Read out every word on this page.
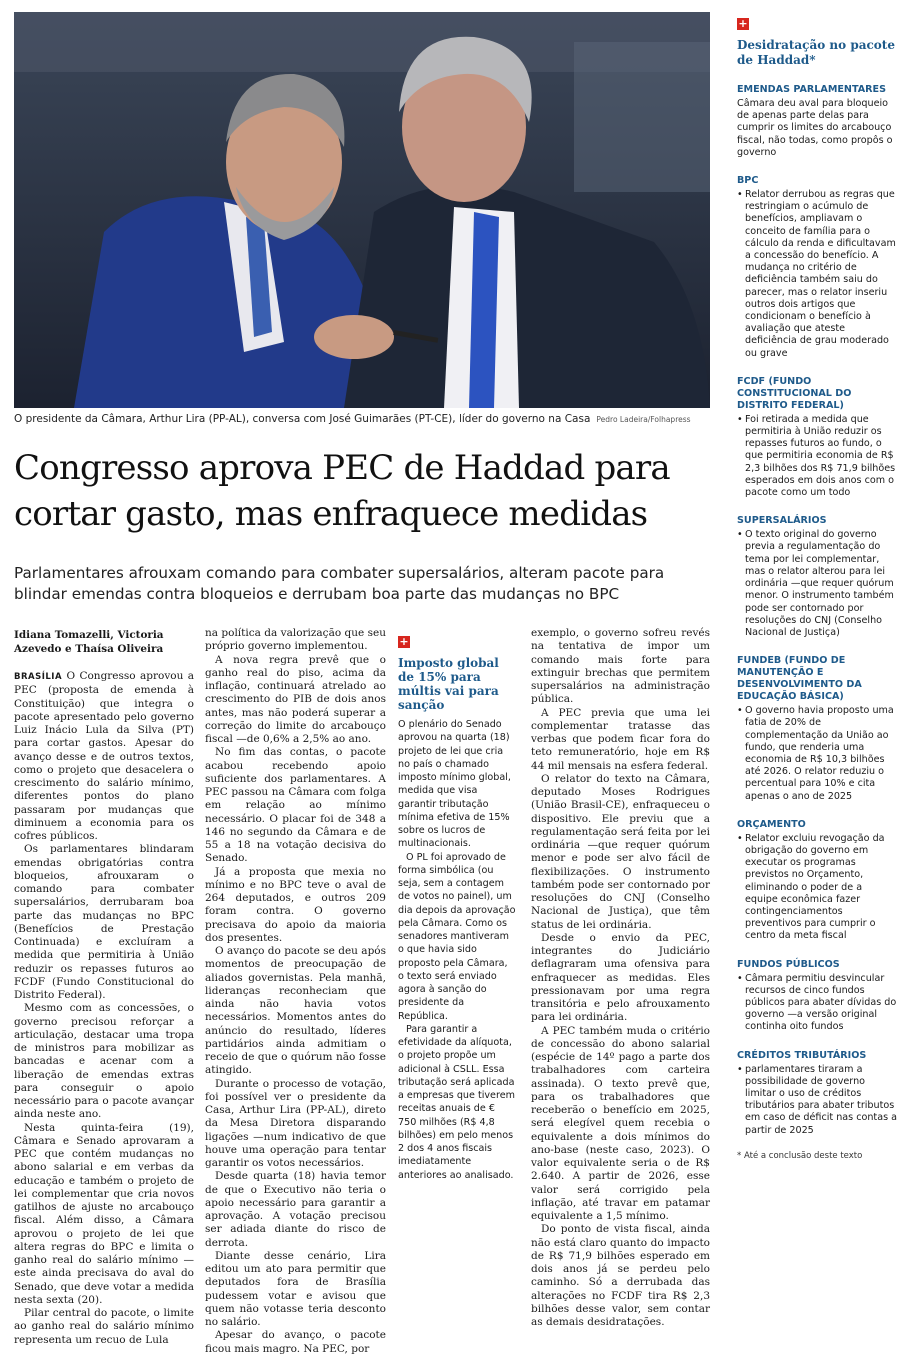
O presidente da Câmara, Arthur Lira (PP-AL), conversa com José Guimarães (PT-CE), líder do governo na Casa Pedro Ladeira/Folhapress
Congresso aprova PEC de Haddad para cortar gasto, mas enfraquece medidas
Parlamentares afrouxam comando para combater supersalários, alteram pacote para blindar emendas contra bloqueios e derrubam boa parte das mudanças no BPC
Idiana Tomazelli, Victoria Azevedo e Thaísa Oliveira

BRASÍLIA O Congresso aprovou a PEC (proposta de emenda à Constituição) que integra o pacote apresentado pelo governo Luiz Inácio Lula da Silva (PT) para cortar gastos. Apesar do avanço desse e de outros textos, como o projeto que desacelera o crescimento do salário mínimo, diferentes pontos do plano passaram por mudanças que diminuem a economia para os cofres públicos.

Os parlamentares blindaram emendas obrigatórias contra bloqueios, afrouxaram o comando para combater supersalários, derrubaram boa parte das mudanças no BPC (Benefícios de Prestação Continuada) e excluíram a medida que permitiria à União reduzir os repasses futuros ao FCDF (Fundo Constitucional do Distrito Federal).

Mesmo com as concessões, o governo precisou reforçar a articulação, destacar uma tropa de ministros para mobilizar as bancadas e acenar com a liberação de emendas extras para conseguir o apoio necessário para o pacote avançar ainda neste ano.

Nesta quinta-feira (19), Câmara e Senado aprovaram a PEC que contém mudanças no abono salarial e em verbas da educação e também o projeto de lei complementar que cria novos gatilhos de ajuste no arcabouço fiscal. Além disso, a Câmara aprovou o projeto de lei que altera regras do BPC e limita o ganho real do salário mínimo —este ainda precisava do aval do Senado, que deve votar a medida nesta sexta (20).

Pilar central do pacote, o limite ao ganho real do salário mínimo representa um recuo de Lula

na política da valorização que seu próprio governo implementou.

A nova regra prevê que o ganho real do piso, acima da inflação, continuará atrelado ao crescimento do PIB de dois anos antes, mas não poderá superar a correção do limite do arcabouço fiscal —de 0,6% a 2,5% ao ano.

No fim das contas, o pacote acabou recebendo apoio suficiente dos parlamentares. A PEC passou na Câmara com folga em relação ao mínimo necessário. O placar foi de 348 a 146 no segundo da Câmara e de 55 a 18 na votação decisiva do Senado.

Já a proposta que mexia no mínimo e no BPC teve o aval de 264 deputados, e outros 209 foram contra. O governo precisava do apoio da maioria dos presentes.

O avanço do pacote se deu após momentos de preocupação de aliados governistas. Pela manhã, lideranças reconheciam que ainda não havia votos necessários. Momentos antes do anúncio do resultado, líderes partidários ainda admitiam o receio de que o quórum não fosse atingido.

Durante o processo de votação, foi possível ver o presidente da Casa, Arthur Lira (PP-AL), direto da Mesa Diretora disparando ligações —num indicativo de que houve uma operação para tentar garantir os votos necessários.

Desde quarta (18) havia temor de que o Executivo não teria o apoio necessário para garantir a aprovação. A votação precisou ser adiada diante do risco de derrota.

Diante desse cenário, Lira editou um ato para permitir que deputados fora de Brasília pudessem votar e avisou que quem não votasse teria desconto no salário.

Apesar do avanço, o pacote ficou mais magro. Na PEC, por

+
Imposto global de 15% para múltis vai para sanção

O plenário do Senado aprovou na quarta (18) projeto de lei que cria no país o chamado imposto mínimo global, medida que visa garantir tributação mínima efetiva de 15% sobre os lucros de multinacionais.

O PL foi aprovado de forma simbólica (ou seja, sem a contagem de votos no painel), um dia depois da aprovação pela Câmara. Como os senadores mantiveram o que havia sido proposto pela Câmara, o texto será enviado agora à sanção do presidente da República.

Para garantir a efetividade da alíquota, o projeto propõe um adicional à CSLL. Essa tributação será aplicada a empresas que tiverem receitas anuais de € 750 milhões (R$ 4,8 bilhões) em pelo menos 2 dos 4 anos fiscais imediatamente anteriores ao analisado.

exemplo, o governo sofreu revés na tentativa de impor um comando mais forte para extinguir brechas que permitem supersalários na administração pública.

A PEC previa que uma lei complementar tratasse das verbas que podem ficar fora do teto remuneratório, hoje em R$ 44 mil mensais na esfera federal.

O relator do texto na Câmara, deputado Moses Rodrigues (União Brasil-CE), enfraqueceu o dispositivo. Ele previu que a regulamentação será feita por lei ordinária —que requer quórum menor e pode ser alvo fácil de flexibilizações. O instrumento também pode ser contornado por resoluções do CNJ (Conselho Nacional de Justiça), que têm status de lei ordinária.

Desde o envio da PEC, integrantes do Judiciário deflagraram uma ofensiva para enfraquecer as medidas. Eles pressionavam por uma regra transitória e pelo afrouxamento para lei ordinária.

A PEC também muda o critério de concessão do abono salarial (espécie de 14º pago a parte dos trabalhadores com carteira assinada). O texto prevê que, para os trabalhadores que receberão o benefício em 2025, será elegível quem recebia o equivalente a dois mínimos do ano-base (neste caso, 2023). O valor equivalente seria o de R$ 2.640. A partir de 2026, esse valor será corrigido pela inflação, até travar em patamar equivalente a 1,5 mínimo.

Do ponto de vista fiscal, ainda não está claro quanto do impacto de R$ 71,9 bilhões esperado em dois anos já se perdeu pelo caminho. Só a derrubada das alterações no FCDF tira R$ 2,3 bilhões desse valor, sem contar as demais desidratações.

+
Desidratação no pacote de Haddad*
EMENDAS PARLAMENTARES
Câmara deu aval para bloqueio de apenas parte delas para cumprir os limites do arcabouço fiscal, não todas, como propôs o governo
BPC
• Relator derrubou as regras que restringiam o acúmulo de benefícios, ampliavam o conceito de família para o cálculo da renda e dificultavam a concessão do benefício. A mudança no critério de deficiência também saiu do parecer, mas o relator inseriu outros dois artigos que condicionam o benefício à avaliação que ateste deficiência de grau moderado ou grave
FCDF (FUNDO CONSTITUCIONAL DO DISTRITO FEDERAL)
• Foi retirada a medida que permitiria à União reduzir os repasses futuros ao fundo, o que permitiria economia de R$ 2,3 bilhões dos R$ 71,9 bilhões esperados em dois anos com o pacote como um todo
SUPERSALÁRIOS
• O texto original do governo previa a regulamentação do tema por lei complementar, mas o relator alterou para lei ordinária —que requer quórum menor. O instrumento também pode ser contornado por resoluções do CNJ (Conselho Nacional de Justiça)
FUNDEB (FUNDO DE MANUTENÇÃO E DESENVOLVIMENTO DA EDUCAÇÃO BÁSICA)
• O governo havia proposto uma fatia de 20% de complementação da União ao fundo, que renderia uma economia de R$ 10,3 bilhões até 2026. O relator reduziu o percentual para 10% e cita apenas o ano de 2025
ORÇAMENTO
• Relator excluiu revogação da obrigação do governo em executar os programas previstos no Orçamento, eliminando o poder de a equipe econômica fazer contingenciamentos preventivos para cumprir o centro da meta fiscal
FUNDOS PÚBLICOS
• Câmara permitiu desvincular recursos de cinco fundos públicos para abater dívidas do governo —a versão original continha oito fundos
CRÉDITOS TRIBUTÁRIOS
• parlamentares tiraram a possibilidade de governo limitar o uso de créditos tributários para abater tributos em caso de déficit nas contas a partir de 2025
* Até a conclusão deste texto
